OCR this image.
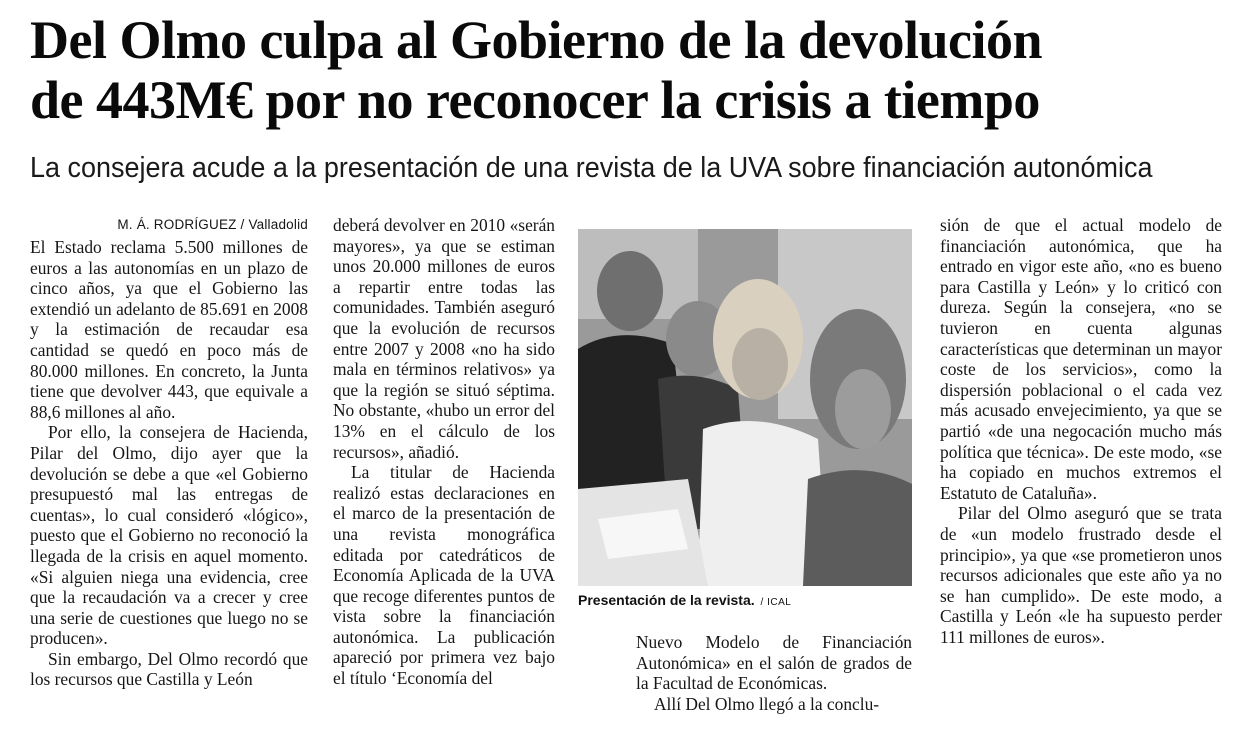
Del Olmo culpa al Gobierno de la devolución
de 443M€ por no reconocer la crisis a tiempo
La consejera acude a la presentación de una revista de la UVA sobre financiación autonómica
M. Á. RODRÍGUEZ / Valladolid

El Estado reclama 5.500 millones de euros a las autonomías en un plazo de cinco años, ya que el Gobierno las extendió un adelanto de 85.691 en 2008 y la estimación de recaudar esa cantidad se quedó en poco más de 80.000 millones. En concreto, la Junta tiene que devolver 443, que equivale a 88,6 millones al año.

Por ello, la consejera de Hacienda, Pilar del Olmo, dijo ayer que la devolución se debe a que «el Gobierno presupuestó mal las entregas de cuentas», lo cual consideró «lógico», puesto que el Gobierno no reconoció la llegada de la crisis en aquel momento. «Si alguien niega una evidencia, cree que la recaudación va a crecer y cree una serie de cuestiones que luego no se producen».

Sin embargo, Del Olmo recordó que los recursos que Castilla y León

deberá devolver en 2010 «serán mayores», ya que se estiman unos 20.000 millones de euros a repartir entre todas las comunidades. También aseguró que la evolución de recursos entre 2007 y 2008 «no ha sido mala en términos relativos» ya que la región se situó séptima. No obstante, «hubo un error del 13% en el cálculo de los recursos», añadió.

La titular de Hacienda realizó estas declaraciones en el marco de la presentación de una revista monográfica editada por catedráticos de Economía Aplicada de la UVA que recoge diferentes puntos de vista sobre la financiación autonómica. La publicación apareció por primera vez bajo el título ‘Economía del

Presentación de la revista. / ICAL

Nuevo Modelo de Financiación Autonómica» en el salón de grados de la Facultad de Económicas.

Allí Del Olmo llegó a la conclu-

sión de que el actual modelo de financiación autonómica, que ha entrado en vigor este año, «no es bueno para Castilla y León» y lo criticó con dureza. Según la consejera, «no se tuvieron en cuenta algunas características que determinan un mayor coste de los servicios», como la dispersión poblacional o el cada vez más acusado envejecimiento, ya que se partió «de una negocación mucho más política que técnica». De este modo, «se ha copiado en muchos extremos el Estatuto de Cataluña».

Pilar del Olmo aseguró que se trata de «un modelo frustrado desde el principio», ya que «se prometieron unos recursos adicionales que este año ya no se han cumplido». De este modo, a Castilla y León «le ha supuesto perder 111 millones de euros».
